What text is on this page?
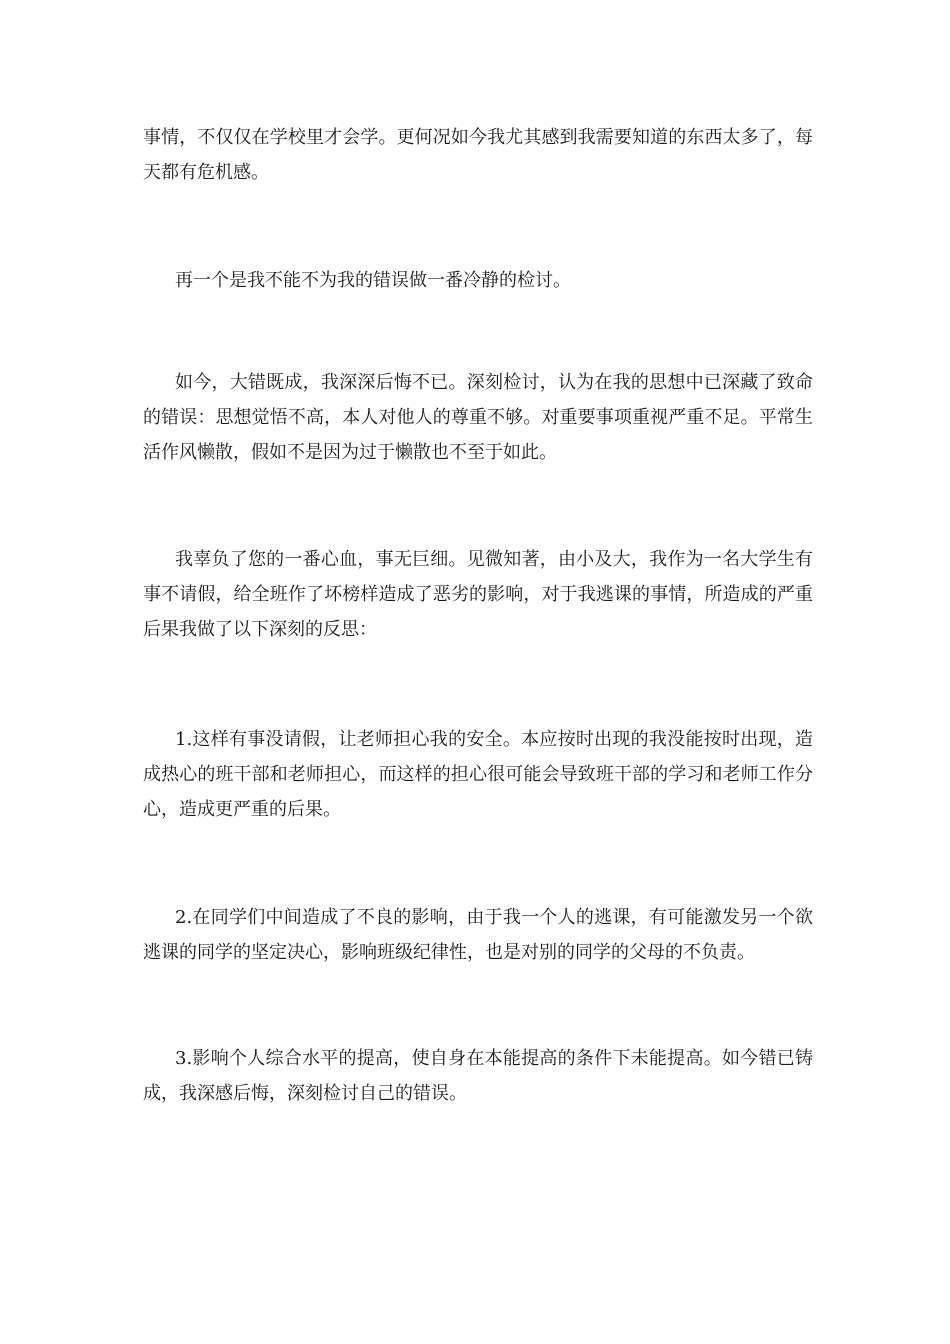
事情，不仅仅在学校里才会学。更何况如今我尤其感到我需要知道的东西太多了，每天都有危机感。

再一个是我不能不为我的错误做一番冷静的检讨。

如今，大错既成，我深深后悔不已。深刻检讨，认为在我的思想中已深藏了致命的错误：思想觉悟不高，本人对他人的尊重不够。对重要事项重视严重不足。平常生活作风懒散，假如不是因为过于懒散也不至于如此。

我辜负了您的一番心血，事无巨细。见微知著，由小及大，我作为一名大学生有事不请假，给全班作了坏榜样造成了恶劣的影响，对于我逃课的事情，所造成的严重后果我做了以下深刻的反思：

1.这样有事没请假，让老师担心我的安全。本应按时出现的我没能按时出现，造成热心的班干部和老师担心，而这样的担心很可能会导致班干部的学习和老师工作分心，造成更严重的后果。

2.在同学们中间造成了不良的影响，由于我一个人的逃课，有可能激发另一个欲逃课的同学的坚定决心，影响班级纪律性，也是对别的同学的父母的不负责。

3.影响个人综合水平的提高，使自身在本能提高的条件下未能提高。如今错已铸成，我深感后悔，深刻检讨自己的错误。
